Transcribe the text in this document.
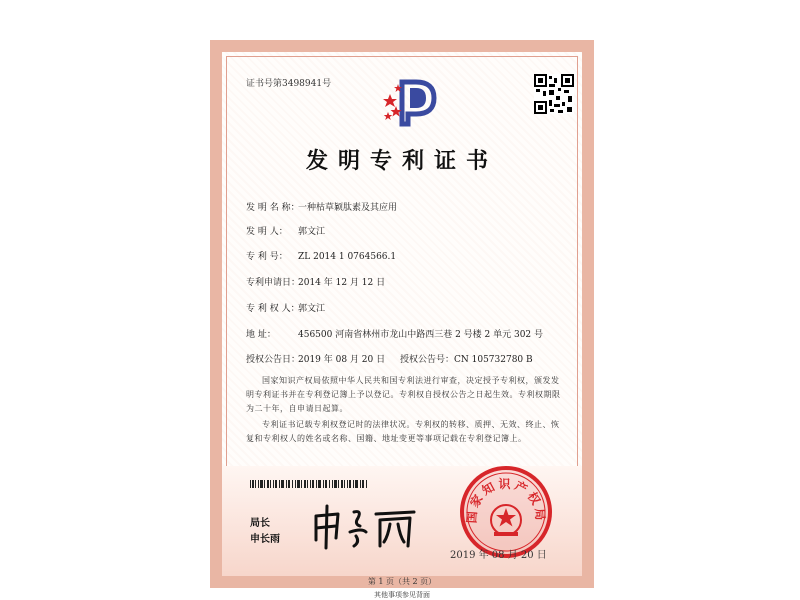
证书号第3498941号
发明专利证书
发 明 名 称：一种枯草颖肽素及其应用
发 明 人： 郭文江
专 利 号： ZL 2014 1 0764566.1
专利申请日：2014 年 12 月 12 日
专 利 权 人：郭文江
地 址： 456500 河南省林州市龙山中路西三巷 2 号楼 2 单元 302 号
授权公告日：2019 年 08 月 20 日 授权公告号：CN 105732780 B
国家知识产权局依照中华人民共和国专利法进行审查，决定授予专利权，颁发发明专利证书并在专利登记簿上予以登记。专利权自授权公告之日起生效。专利权期限为二十年，自申请日起算。
专利证书记载专利权登记时的法律状况。专利权的转移、质押、无效、终止、恢复和专利权人的姓名或名称、国籍、地址变更等事项记载在专利登记簿上。
局长
申长雨
国家知识产权局
2019 年 08 月 20 日
第 1 页（共 2 页）
其他事项参见背面
